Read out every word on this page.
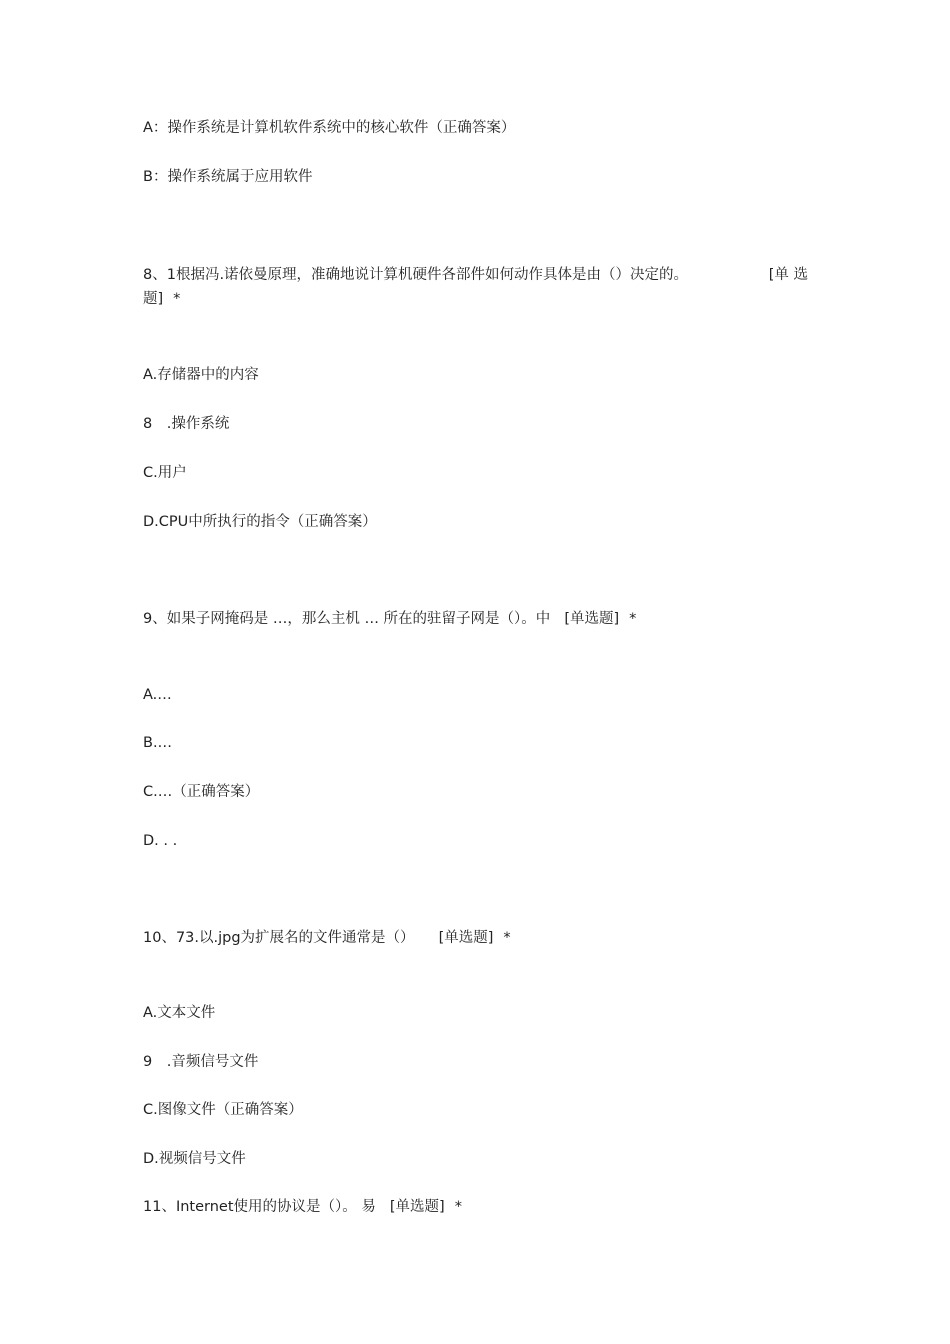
A：操作系统是计算机软件系统中的核心软件（正确答案）
B：操作系统属于应用软件
8、1根据冯.诺依曼原理，准确地说计算机硬件各部件如何动作具体是由（）决定的。	[单 选
题] *
A.存储器中的内容
8　.操作系统
C.用户
D.CPU中所执行的指令（正确答案）
9、如果子网掩码是 …，那么主机 … 所在的驻留子网是（）。中 [单选题] *
A.…
B.…
C.…（正确答案）
D. . .
10、73.以.jpg为扩展名的文件通常是（） [单选题] *
A.文本文件
9　.音频信号文件
C.图像文件（正确答案）
D.视频信号文件
11、Internet使用的协议是（）。 易 [单选题] *
